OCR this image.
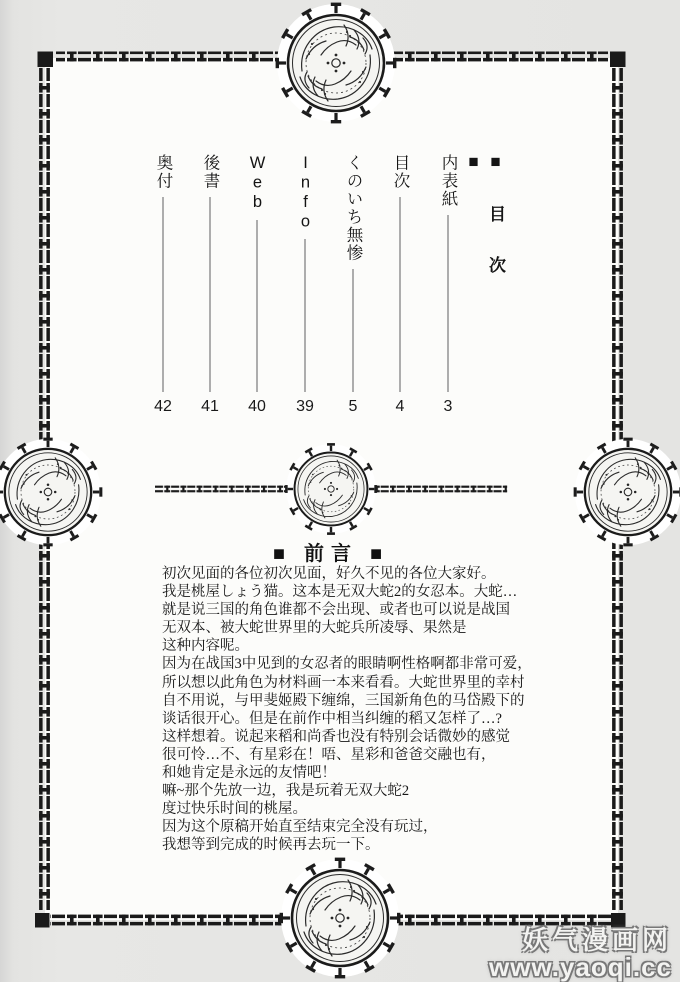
■目次■
内表紙
3
目次
4
くのいち無惨
5
Info
39
Web
40
後書
41
奥付
42
■ 前言 ■
初次见面的各位初次见面，好久不见的各位大家好。
我是桃屋しょう猫。这本是无双大蛇2的女忍本。大蛇…
就是说三国的角色谁都不会出现、或者也可以说是战国
无双本、被大蛇世界里的大蛇兵所凌辱、果然是
这种内容呢。
因为在战国3中见到的女忍者的眼睛啊性格啊都非常可爱，
所以想以此角色为材料画一本来看看。大蛇世界里的幸村
自不用说，与甲斐姬殿下缠绵，三国新角色的马岱殿下的
谈话很开心。但是在前作中相当纠缠的稻又怎样了…?
这样想着。说起来稻和尚香也没有特别会话微妙的感觉
很可怜…不、有星彩在！唔、星彩和爸爸交融也有，
和她肯定是永远的友情吧！
嘛~那个先放一边，我是玩着无双大蛇2
度过快乐时间的桃屋。
因为这个原稿开始直至结束完全没有玩过，
我想等到完成的时候再去玩一下。
妖气漫画网
www.yaoqi.cc
